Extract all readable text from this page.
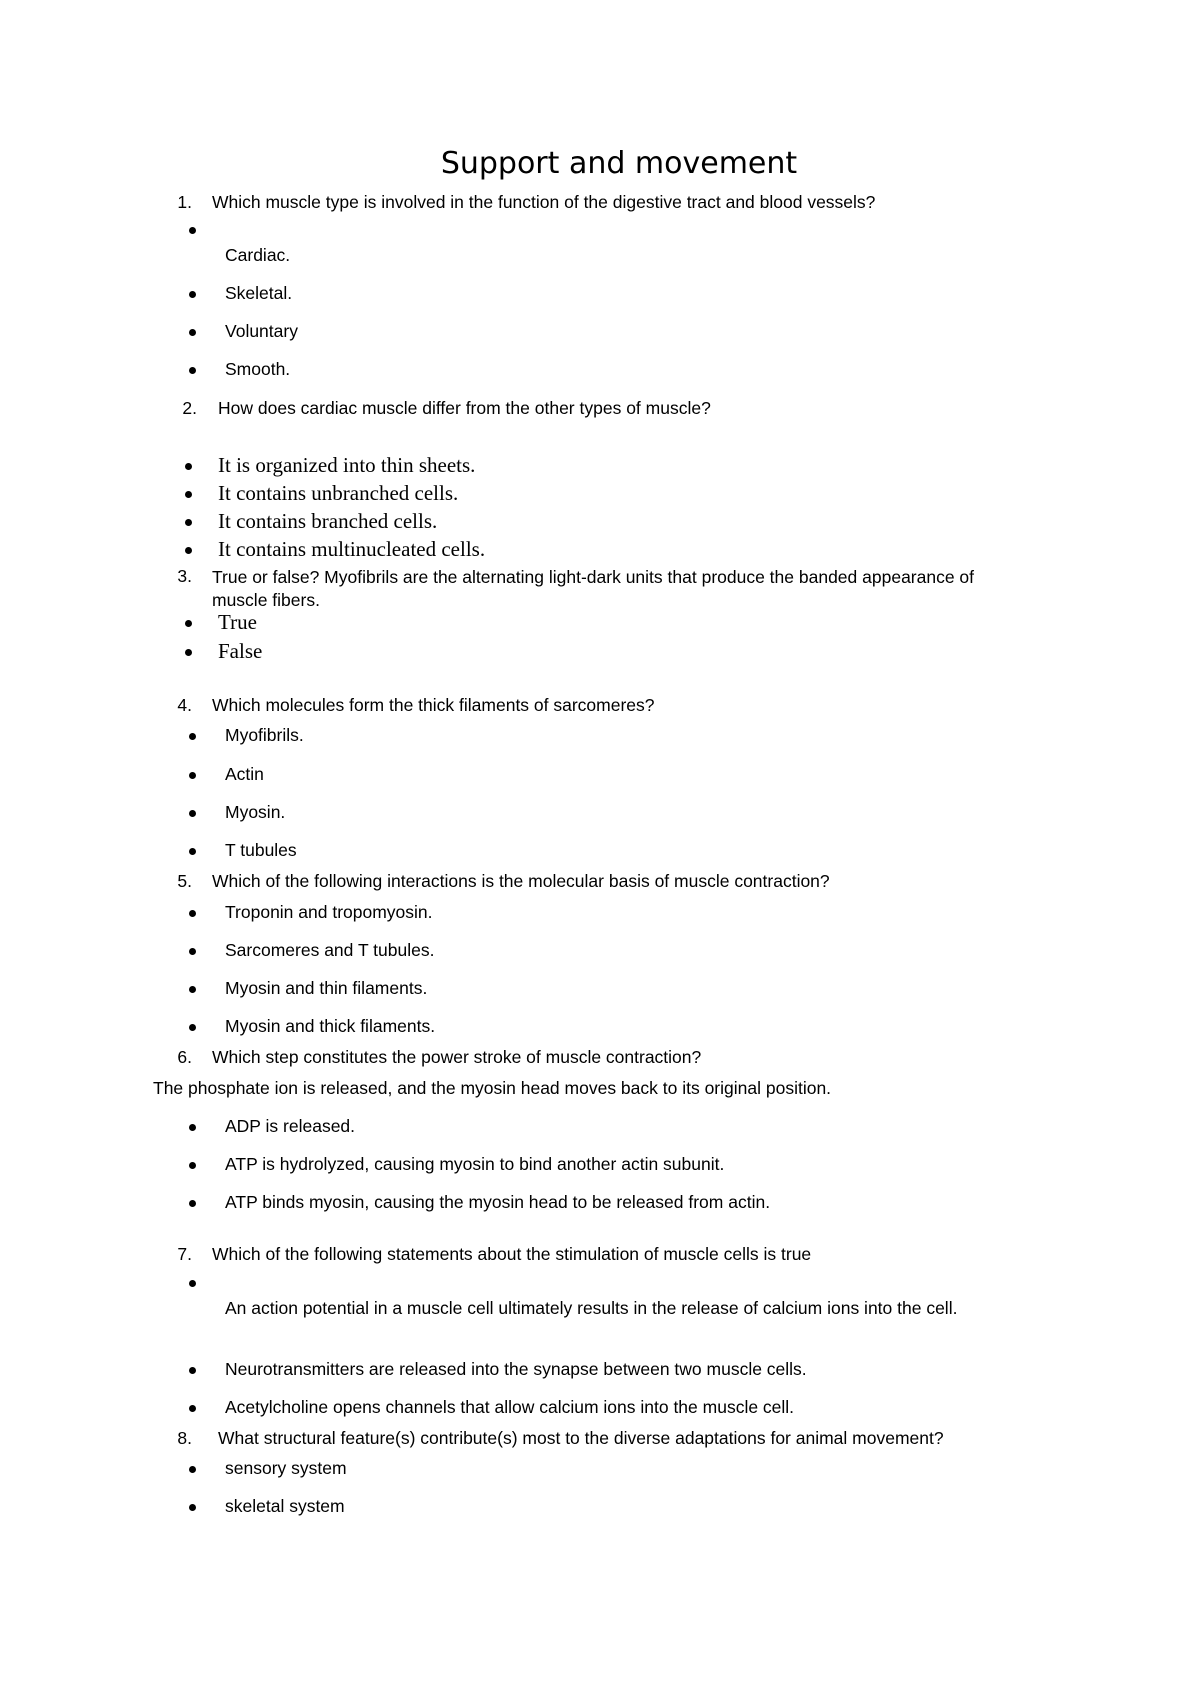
Support and movement
1. Which muscle type is involved in the function of the digestive tract and blood vessels?
Cardiac.
Skeletal.
Voluntary
Smooth.
2. How does cardiac muscle differ from the other types of muscle?
It is organized into thin sheets.
It contains unbranched cells.
It contains branched cells.
It contains multinucleated cells.
3. True or false? Myofibrils are the alternating light-dark units that produce the banded appearance of muscle fibers.
True
False
4. Which molecules form the thick filaments of sarcomeres?
Myofibrils.
Actin
Myosin.
T tubules
5. Which of the following interactions is the molecular basis of muscle contraction?
Troponin and tropomyosin.
Sarcomeres and T tubules.
Myosin and thin filaments.
Myosin and thick filaments.
6. Which step constitutes the power stroke of muscle contraction?
The phosphate ion is released, and the myosin head moves back to its original position.
ADP is released.
ATP is hydrolyzed, causing myosin to bind another actin subunit.
ATP binds myosin, causing the myosin head to be released from actin.
7. Which of the following statements about the stimulation of muscle cells is true
An action potential in a muscle cell ultimately results in the release of calcium ions into the cell.
Neurotransmitters are released into the synapse between two muscle cells.
Acetylcholine opens channels that allow calcium ions into the muscle cell.
8. What structural feature(s) contribute(s) most to the diverse adaptations for animal movement?
sensory system
skeletal system
